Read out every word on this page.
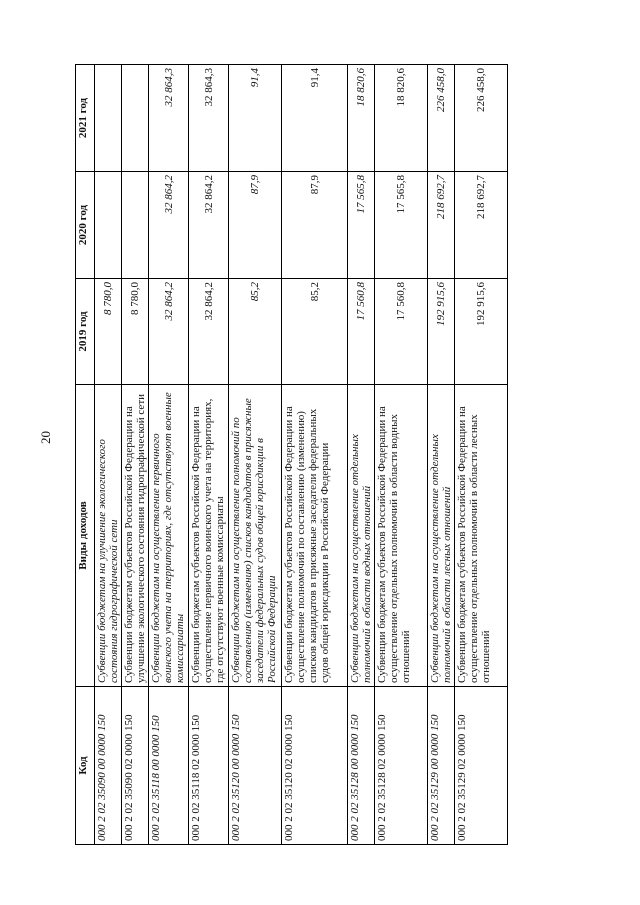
20
Код	Виды доходов	2019 год	2020 год	2021 год
000 2 02 35090 00 0000 150	Субвенции бюджетам на улучшение экологического состояния гидрографической сети	8 780,0		
000 2 02 35090 02 0000 150	Субвенции бюджетам субъектов Российской Федерации на улучшение экологического состояния гидрографической сети	8 780,0		
000 2 02 35118 00 0000 150	Субвенции бюджетам на осуществление первичного воинского учета на территориях, где отсутствуют военные комиссариаты	32 864,2	32 864,2	32 864,3
000 2 02 35118 02 0000 150	Субвенции бюджетам субъектов Российской Федерации на осуществление первичного воинского учета на территориях, где отсутствуют военные комиссариаты	32 864,2	32 864,2	32 864,3
000 2 02 35120 00 0000 150	Субвенции бюджетам на осуществление полномочий по составлению (изменению) списков кандидатов в присяжные заседатели федеральных судов общей юрисдикции в Российской Федерации	85,2	87,9	91,4
000 2 02 35120 02 0000 150	Субвенции бюджетам субъектов Российской Федерации на осуществление полномочий по составлению (изменению) списков кандидатов в присяжные заседатели федеральных судов общей юрисдикции в Российской Федерации	85,2	87,9	91,4
000 2 02 35128 00 0000 150	Субвенции бюджетам на осуществление отдельных полномочий в области водных отношений	17 560,8	17 565,8	18 820,6
000 2 02 35128 02 0000 150	Субвенции бюджетам субъектов Российской Федерации на осуществление отдельных полномочий в области водных отношений	17 560,8	17 565,8	18 820,6
000 2 02 35129 00 0000 150	Субвенции бюджетам на осуществление отдельных полномочий в области лесных отношений	192 915,6	218 692,7	226 458,0
000 2 02 35129 02 0000 150	Субвенции бюджетам субъектов Российской Федерации на осуществление отдельных полномочий в области лесных отношений	192 915,6	218 692,7	226 458,0
